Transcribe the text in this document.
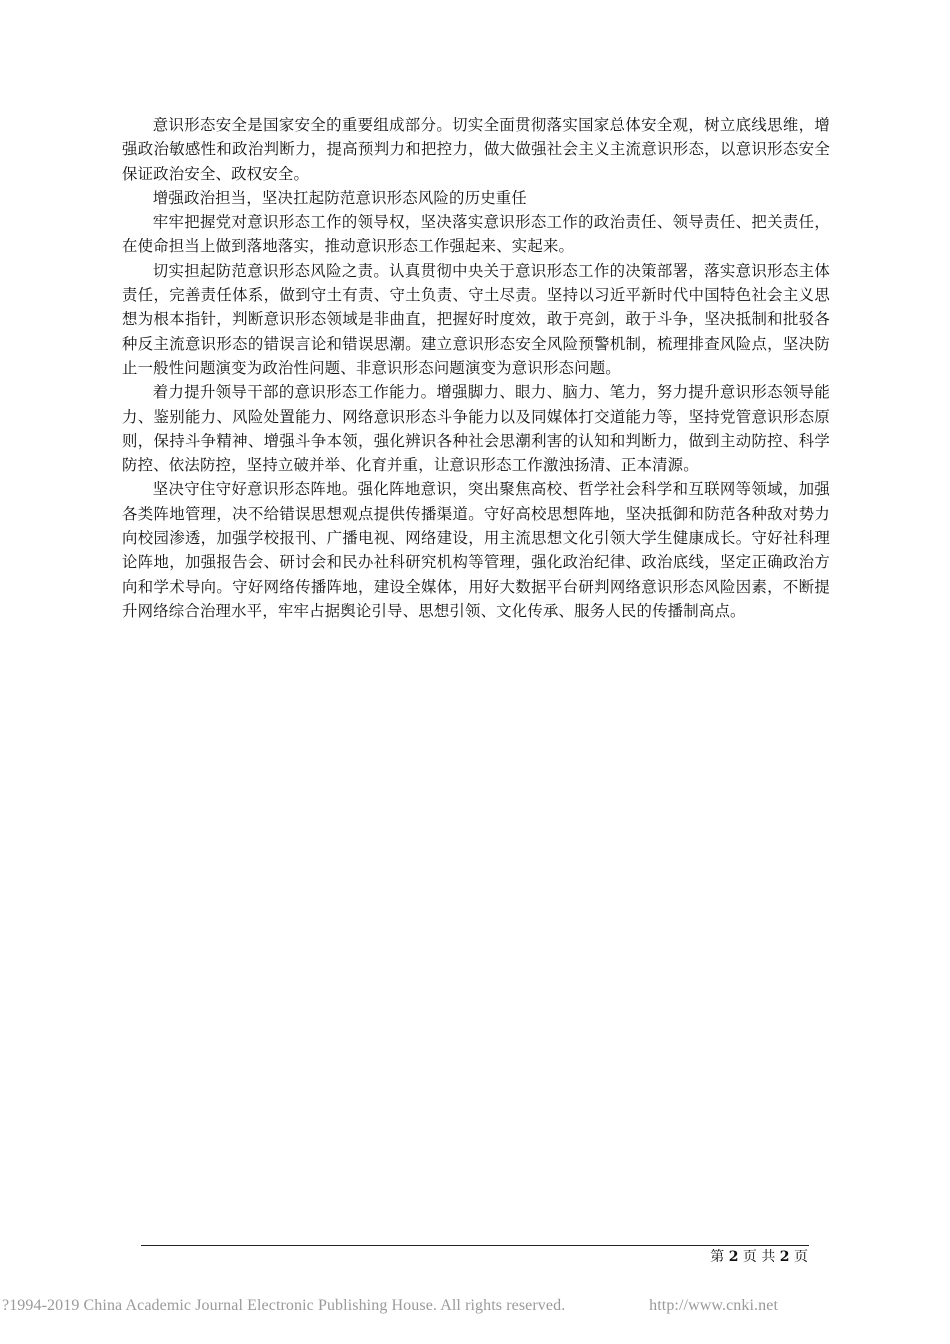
意识形态安全是国家安全的重要组成部分。切实全面贯彻落实国家总体安全观，树立底线思维，增强政治敏感性和政治判断力，提高预判力和把控力，做大做强社会主义主流意识形态，以意识形态安全保证政治安全、政权安全。

增强政治担当，坚决扛起防范意识形态风险的历史重任

牢牢把握党对意识形态工作的领导权，坚决落实意识形态工作的政治责任、领导责任、把关责任，在使命担当上做到落地落实，推动意识形态工作强起来、实起来。

切实担起防范意识形态风险之责。认真贯彻中央关于意识形态工作的决策部署，落实意识形态主体责任，完善责任体系，做到守土有责、守土负责、守土尽责。坚持以习近平新时代中国特色社会主义思想为根本指针，判断意识形态领域是非曲直，把握好时度效，敢于亮剑，敢于斗争，坚决抵制和批驳各种反主流意识形态的错误言论和错误思潮。建立意识形态安全风险预警机制，梳理排查风险点，坚决防止一般性问题演变为政治性问题、非意识形态问题演变为意识形态问题。

着力提升领导干部的意识形态工作能力。增强脚力、眼力、脑力、笔力，努力提升意识形态领导能力、鉴别能力、风险处置能力、网络意识形态斗争能力以及同媒体打交道能力等，坚持党管意识形态原则，保持斗争精神、增强斗争本领，强化辨识各种社会思潮利害的认知和判断力，做到主动防控、科学防控、依法防控，坚持立破并举、化育并重，让意识形态工作激浊扬清、正本清源。

坚决守住守好意识形态阵地。强化阵地意识，突出聚焦高校、哲学社会科学和互联网等领域，加强各类阵地管理，决不给错误思想观点提供传播渠道。守好高校思想阵地，坚决抵御和防范各种敌对势力向校园渗透，加强学校报刊、广播电视、网络建设，用主流思想文化引领大学生健康成长。守好社科理论阵地，加强报告会、研讨会和民办社科研究机构等管理，强化政治纪律、政治底线，坚定正确政治方向和学术导向。守好网络传播阵地，建设全媒体，用好大数据平台研判网络意识形态风险因素，不断提升网络综合治理水平，牢牢占据舆论引导、思想引领、文化传承、服务人民的传播制高点。

第 2 页 共 2 页
?1994-2019 China Academic Journal Electronic Publishing House. All rights reserved.	http://www.cnki.net
